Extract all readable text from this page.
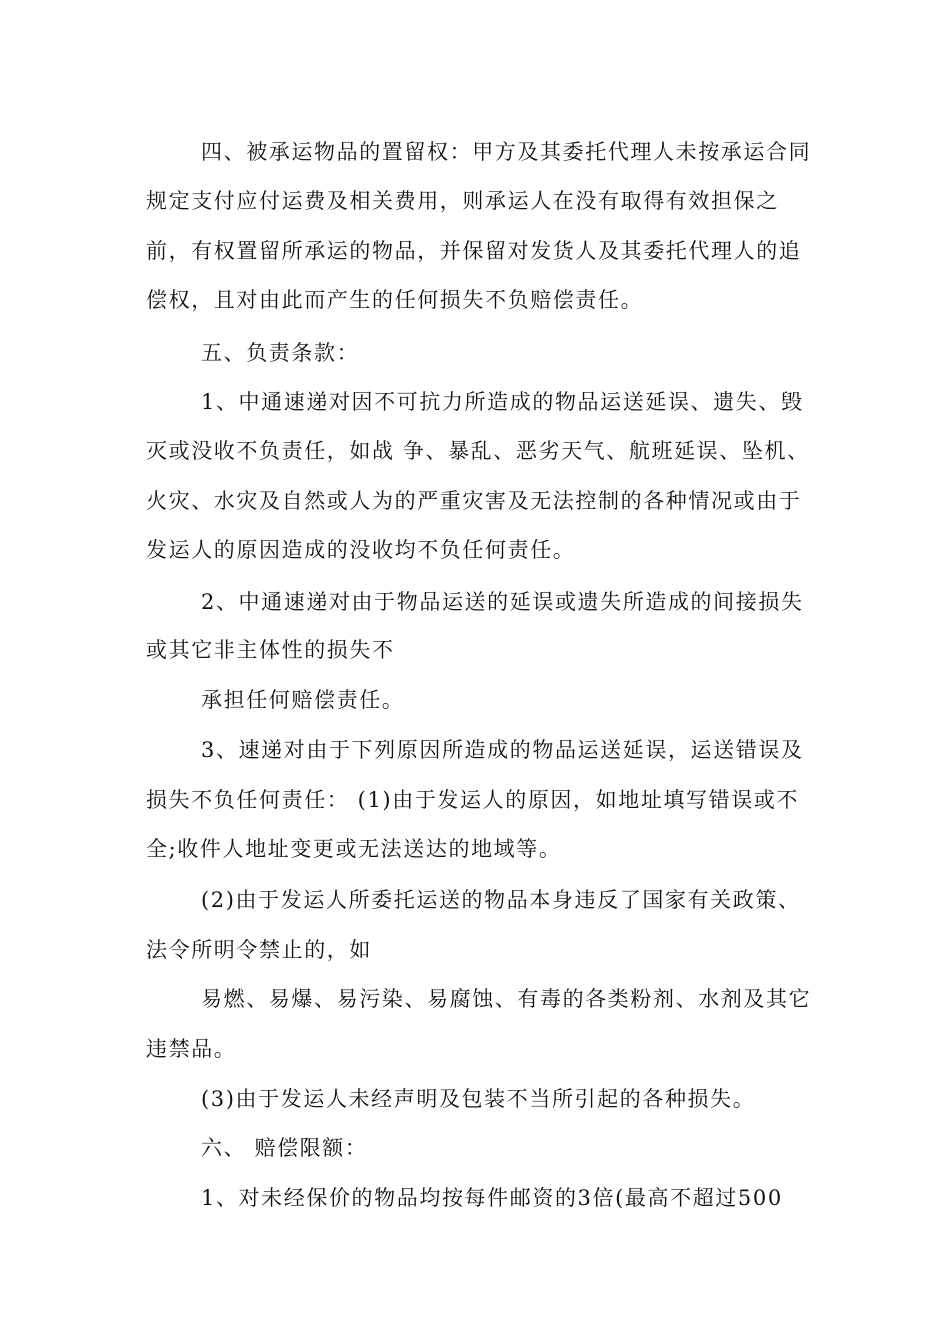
四、被承运物品的置留权：甲方及其委托代理人未按承运合同
规定支付应付运费及相关费用，则承运人在没有取得有效担保之
前，有权置留所承运的物品，并保留对发货人及其委托代理人的追
偿权，且对由此而产生的任何损失不负赔偿责任。
五、负责条款：
1、中通速递对因不可抗力所造成的物品运送延误、遗失、毁
灭或没收不负责任，如战 争、暴乱、恶劣天气、航班延误、坠机、
火灾、水灾及自然或人为的严重灾害及无法控制的各种情况或由于
发运人的原因造成的没收均不负任何责任。
2、中通速递对由于物品运送的延误或遗失所造成的间接损失
或其它非主体性的损失不
承担任何赔偿责任。
3、速递对由于下列原因所造成的物品运送延误，运送错误及
损失不负任何责任： (1)由于发运人的原因，如地址填写错误或不
全;收件人地址变更或无法送达的地域等。
(2)由于发运人所委托运送的物品本身违反了国家有关政策、
法令所明令禁止的，如
易燃、易爆、易污染、易腐蚀、有毒的各类粉剂、水剂及其它
违禁品。
(3)由于发运人未经声明及包装不当所引起的各种损失。
六、 赔偿限额：
1、对未经保价的物品均按每件邮资的3倍(最高不超过500
